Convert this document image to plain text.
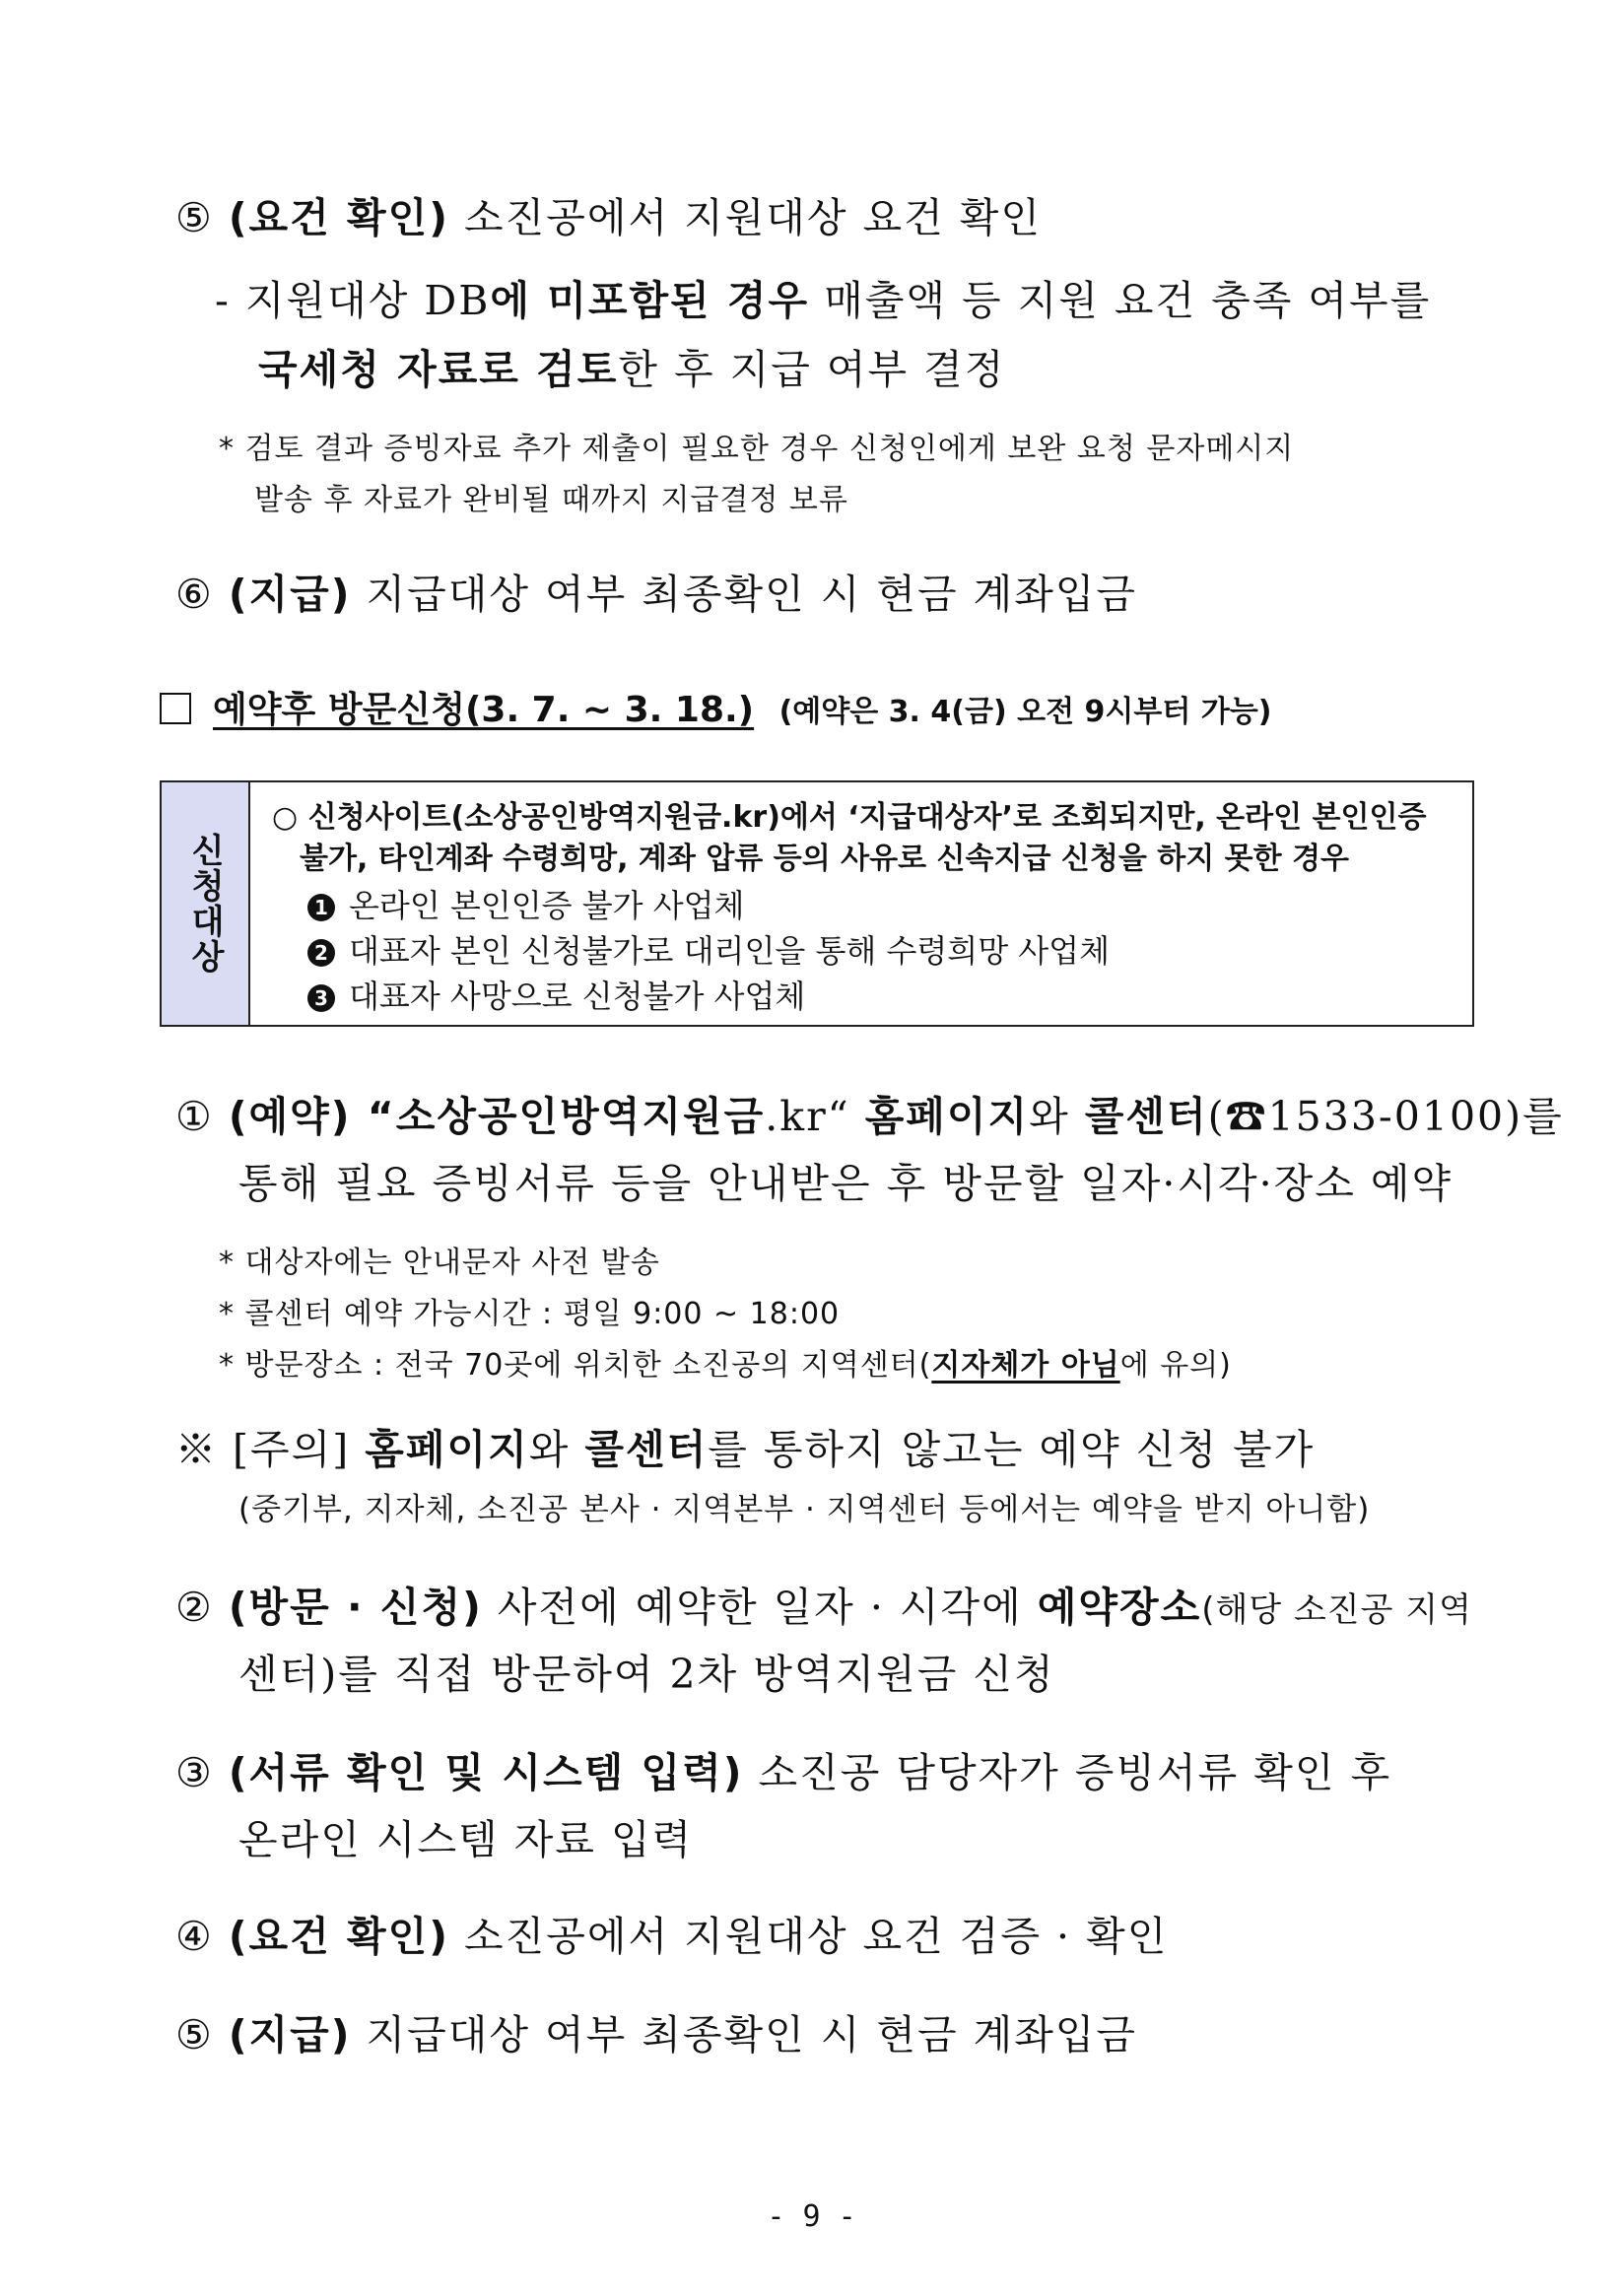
⑤ (요건 확인) 소진공에서 지원대상 요건 확인
- 지원대상 DB에 미포함된 경우 매출액 등 지원 요건 충족 여부를
국세청 자료로 검토한 후 지급 여부 결정
* 검토 결과 증빙자료 추가 제출이 필요한 경우 신청인에게 보완 요청 문자메시지
발송 후 자료가 완비될 때까지 지급결정 보류
⑥ (지급) 지급대상 여부 최종확인 시 현금 계좌입금
예약후 방문신청(3. 7. ~ 3. 18.) (예약은 3. 4(금) 오전 9시부터 가능)
신청대상
○ 신청사이트(소상공인방역지원금.kr)에서 ‘지급대상자’로 조회되지만, 온라인 본인인증
불가, 타인계좌 수령희망, 계좌 압류 등의 사유로 신속지급 신청을 하지 못한 경우
1 온라인 본인인증 불가 사업체
2 대표자 본인 신청불가로 대리인을 통해 수령희망 사업체
3 대표자 사망으로 신청불가 사업체
① (예약) “소상공인방역지원금.kr“ 홈페이지와 콜센터(☎1533-0100)를
통해 필요 증빙서류 등을 안내받은 후 방문할 일자·시각·장소 예약
* 대상자에는 안내문자 사전 발송
* 콜센터 예약 가능시간 : 평일 9:00 ~ 18:00
* 방문장소 : 전국 70곳에 위치한 소진공의 지역센터(지자체가 아님에 유의)
※ [주의] 홈페이지와 콜센터를 통하지 않고는 예약 신청 불가
(중기부, 지자체, 소진공 본사 · 지역본부 · 지역센터 등에서는 예약을 받지 아니함)
② (방문 · 신청) 사전에 예약한 일자 · 시각에 예약장소(해당 소진공 지역
센터)를 직접 방문하여 2차 방역지원금 신청
③ (서류 확인 및 시스템 입력) 소진공 담당자가 증빙서류 확인 후
온라인 시스템 자료 입력
④ (요건 확인) 소진공에서 지원대상 요건 검증 · 확인
⑤ (지급) 지급대상 여부 최종확인 시 현금 계좌입금
- 9 -
